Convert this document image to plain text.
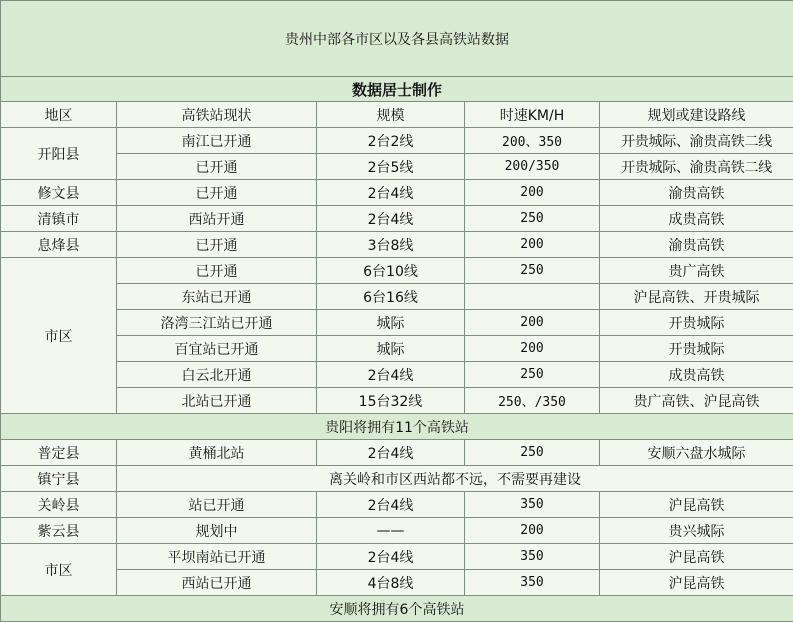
贵州中部各市区以及各县高铁站数据				
数据居士制作				
地区	高铁站现状	规模	时速KM/H	规划或建设路线
开阳县	南江已开通	2台2线	200、350	开贵城际、渝贵高铁二线
	已开通	2台5线	200/350	开贵城际、渝贵高铁二线
修文县	已开通	2台4线	200	渝贵高铁
清镇市	西站开通	2台4线	250	成贵高铁
息烽县	已开通	3台8线	200	渝贵高铁
市区	已开通	6台10线	250	贵广高铁
	东站已开通	6台16线		沪昆高铁、开贵城际
	洛湾三江站已开通	城际	200	开贵城际
	百宜站已开通	城际	200	开贵城际
	白云北开通	2台4线	250	成贵高铁
	北站已开通	15台32线	250、/350	贵广高铁、沪昆高铁
贵阳将拥有11个高铁站				
普定县	黄桶北站	2台4线	250	安顺六盘水城际
镇宁县	离关岭和市区西站都不远，不需要再建设			
关岭县	站已开通	2台4线	350	沪昆高铁
紫云县	规划中	——	200	贵兴城际
市区	平坝南站已开通	2台4线	350	沪昆高铁
	西站已开通	4台8线	350	沪昆高铁
安顺将拥有6个高铁站				
